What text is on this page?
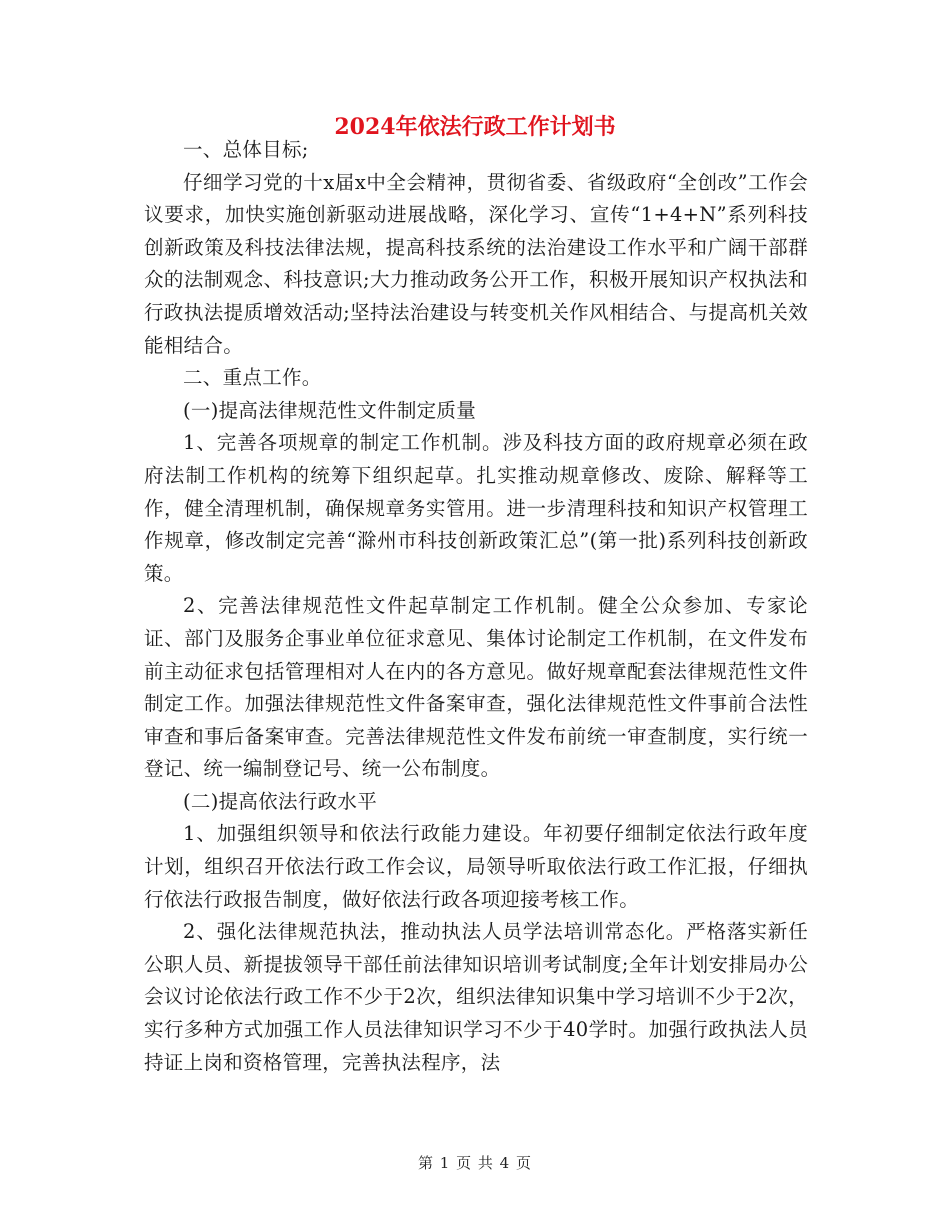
2024年依法行政工作计划书

一、总体目标;

仔细学习党的十x届x中全会精神，贯彻省委、省级政府“全创改”工作会议要求，加快实施创新驱动进展战略，深化学习、宣传“1+4+N”系列科技创新政策及科技法律法规，提高科技系统的法治建设工作水平和广阔干部群众的法制观念、科技意识;大力推动政务公开工作，积极开展知识产权执法和行政执法提质增效活动;坚持法治建设与转变机关作风相结合、与提高机关效能相结合。

二、重点工作。

(一)提高法律规范性文件制定质量

1、完善各项规章的制定工作机制。涉及科技方面的政府规章必须在政府法制工作机构的统筹下组织起草。扎实推动规章修改、废除、解释等工作，健全清理机制，确保规章务实管用。进一步清理科技和知识产权管理工作规章，修改制定完善“滁州市科技创新政策汇总”(第一批)系列科技创新政策。

2、完善法律规范性文件起草制定工作机制。健全公众参加、专家论证、部门及服务企事业单位征求意见、集体讨论制定工作机制，在文件发布前主动征求包括管理相对人在内的各方意见。做好规章配套法律规范性文件制定工作。加强法律规范性文件备案审查，强化法律规范性文件事前合法性审查和事后备案审查。完善法律规范性文件发布前统一审查制度，实行统一登记、统一编制登记号、统一公布制度。

(二)提高依法行政水平

1、加强组织领导和依法行政能力建设。年初要仔细制定依法行政年度计划，组织召开依法行政工作会议，局领导听取依法行政工作汇报，仔细执行依法行政报告制度，做好依法行政各项迎接考核工作。

2、强化法律规范执法，推动执法人员学法培训常态化。严格落实新任公职人员、新提拔领导干部任前法律知识培训考试制度;全年计划安排局办公会议讨论依法行政工作不少于2次，组织法律知识集中学习培训不少于2次，实行多种方式加强工作人员法律知识学习不少于40学时。加强行政执法人员持证上岗和资格管理，完善执法程序，法

第 1 页 共 4 页
